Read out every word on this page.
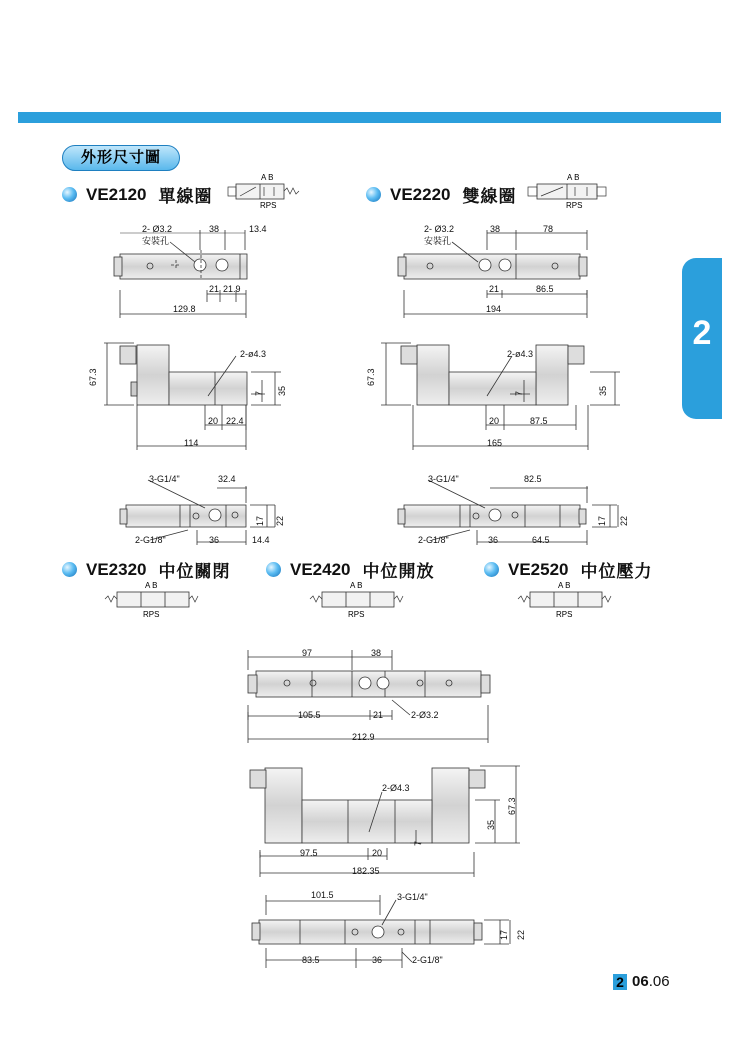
外形尺寸圖
VE2120 單線圈	VE2220 雙線圈
VE2320 中位關閉	VE2420 中位開放	VE2520 中位壓力
A B
RPS
A B
RPS
A B
RPS
A B
RPS
A B
RPS
2- Ø3.2
安裝孔
38	13.4
21 21.9
129.8
67.3
2-ø4.3
7 35
20 22.4
114
3-G1/4"	32.4
17 22
2-G1/8"	36	14.4
2- Ø3.2
安裝孔
38	78
21	86.5
194
67.3
2-ø4.3
7	35
20	87.5
165
3-G1/4"	82.5
17 22
2-G1/8"	36	64.5
97	38
105.5	21	2-Ø3.2
212.9
2-Ø4.3
35
67.3
7
97.5	20
182.35
101.5	3-G1/4"
17 22
83.5	36	2-G1/8"
2
2 06.06
